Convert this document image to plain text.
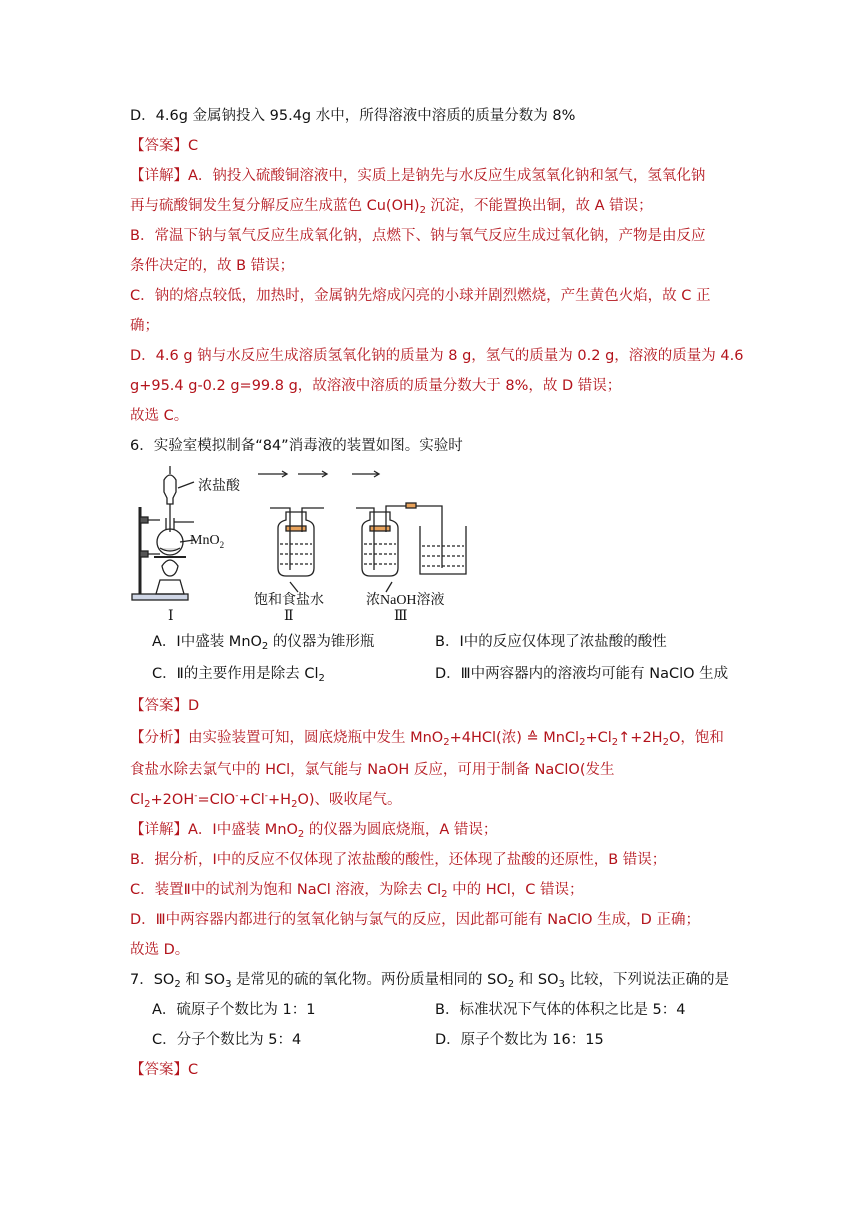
D．4.6g 金属钠投入 95.4g 水中，所得溶液中溶质的质量分数为 8%
【答案】C
【详解】A．钠投入硫酸铜溶液中，实质上是钠先与水反应生成氢氧化钠和氢气，氢氧化钠
再与硫酸铜发生复分解反应生成蓝色 $Cu(OH)_2$ 沉淀，不能置换出铜，故 A 错误；
B．常温下钠与氧气反应生成氧化钠，点燃下、钠与氧气反应生成过氧化钠，产物是由反应
条件决定的，故 B 错误；
C．钠的熔点较低，加热时，金属钠先熔成闪亮的小球并剧烈燃烧，产生黄色火焰，故 C 正
确；
D．4.6 g 钠与水反应生成溶质氢氧化钠的质量为 8 g，氢气的质量为 0.2 g，溶液的质量为 4.6
g+95.4 g-0.2 g=99.8 g，故溶液中溶质的质量分数大于 8%，故 D 错误；
故选 C。
6．实验室模拟制备“84”消毒液的装置如图。实验时
浓盐酸
MnO$_2$
饱和食盐水	浓NaOH溶液
Ⅰ	Ⅱ	Ⅲ
A．Ⅰ中盛装 MnO$_2$ 的仪器为锥形瓶	B．Ⅰ中的反应仅体现了浓盐酸的酸性
C．Ⅱ的主要作用是除去 $Cl_2$	D．Ⅲ中两容器内的溶液均可能有 NaClO 生成
【答案】D
【分析】由实验装置可知，圆底烧瓶中发生 MnO$_2$+4HCl(浓) ≙ $MnCl_2+Cl_2↑+2H_2O$，饱和
食盐水除去氯气中的 HCl，氯气能与 NaOH 反应，可用于制备 NaClO(发生
$Cl_2+2OH^-=ClO^-+Cl^-+H_2O$)、吸收尾气。
【详解】A．Ⅰ中盛装 MnO$_2$ 的仪器为圆底烧瓶，A 错误；
B．据分析，Ⅰ中的反应不仅体现了浓盐酸的酸性，还体现了盐酸的还原性，B 错误；
C．装置Ⅱ中的试剂为饱和 NaCl 溶液，为除去 $Cl_2$ 中的 HCl，C 错误；
D．Ⅲ中两容器内都进行的氢氧化钠与氯气的反应，因此都可能有 NaClO 生成，D 正确；
故选 D。
7．$SO_2$ 和 $SO_3$ 是常见的硫的氧化物。两份质量相同的 $SO_2$ 和 $SO_3$ 比较，下列说法正确的是
A．硫原子个数比为 1：1	B．标准状况下气体的体积之比是 5：4
C．分子个数比为 5：4	D．原子个数比为 16：15
【答案】C
